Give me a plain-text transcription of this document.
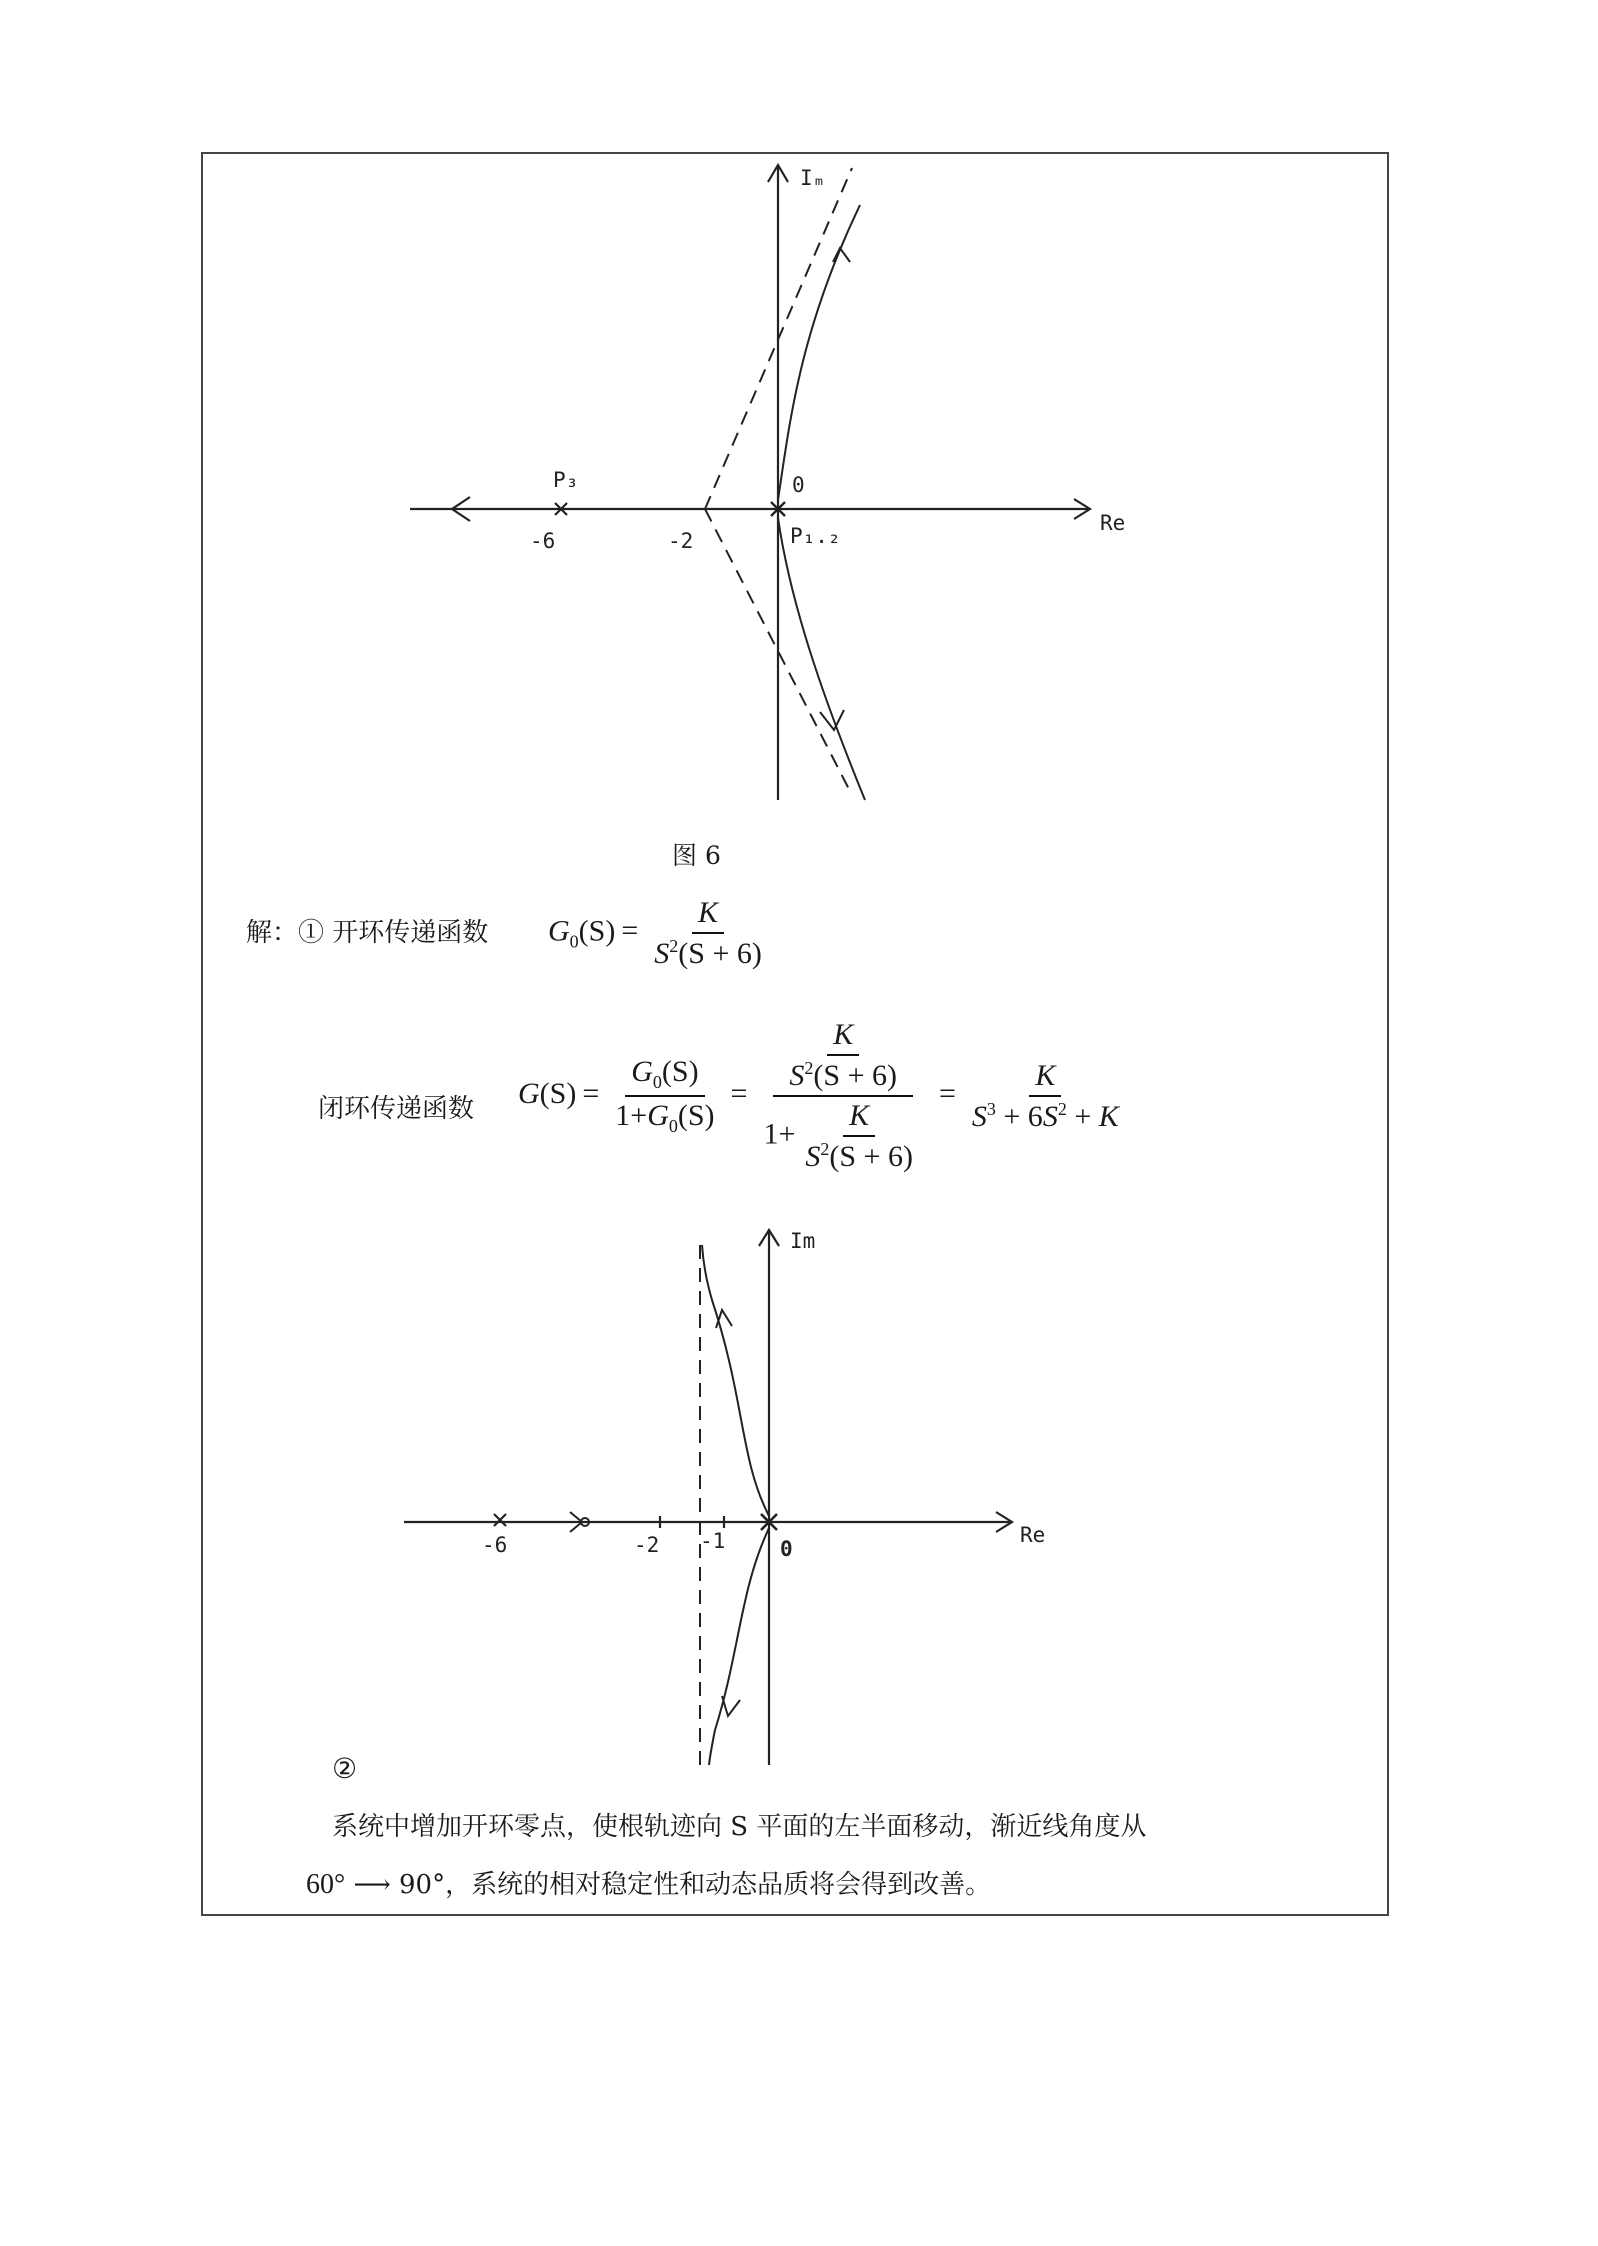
Iₘ
Re
0
P₃
P₁.₂
-6	-2
图 6
解：① 开环传递函数 $G_0(S) = \frac{K}{S^2(S + 6)}$
闭环传递函数 $G(S) = \frac{G_0(S)}{1+G_0(S)} = \frac{\frac{K}{S^2(S + 6)}}{1+ \frac{K}{S^2(S + 6)}} = \frac{K}{S^3 + 6S^2 + K}$
Im
Re
-6	-2 -1	0
②
系统中增加开环零点，使根轨迹向 S 平面的左半面移动，渐近线角度从
60° ⟶ 90°，系统的相对稳定性和动态品质将会得到改善。
